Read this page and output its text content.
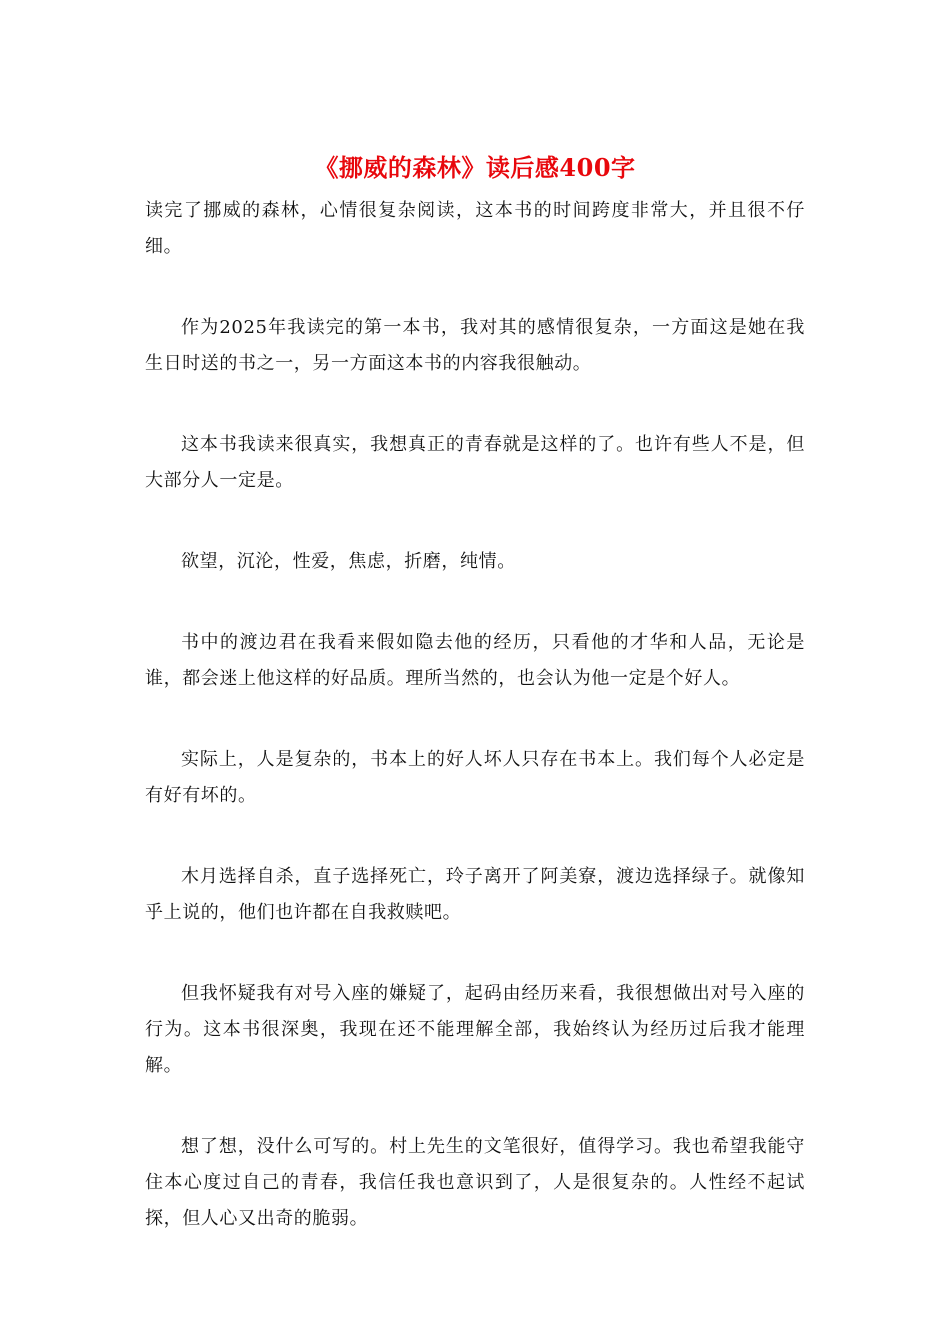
《挪威的森林》读后感400字

读完了挪威的森林，心情很复杂阅读，这本书的时间跨度非常大，并且很不仔细。

作为2025年我读完的第一本书，我对其的感情很复杂，一方面这是她在我生日时送的书之一，另一方面这本书的内容我很触动。

这本书我读来很真实，我想真正的青春就是这样的了。也许有些人不是，但大部分人一定是。

欲望，沉沦，性爱，焦虑，折磨，纯情。

书中的渡边君在我看来假如隐去他的经历，只看他的才华和人品，无论是谁，都会迷上他这样的好品质。理所当然的，也会认为他一定是个好人。

实际上，人是复杂的，书本上的好人坏人只存在书本上。我们每个人必定是有好有坏的。

木月选择自杀，直子选择死亡，玲子离开了阿美寮，渡边选择绿子。就像知乎上说的，他们也许都在自我救赎吧。

但我怀疑我有对号入座的嫌疑了，起码由经历来看，我很想做出对号入座的行为。这本书很深奥，我现在还不能理解全部，我始终认为经历过后我才能理解。

想了想，没什么可写的。村上先生的文笔很好，值得学习。我也希望我能守住本心度过自己的青春，我信任我也意识到了，人是很复杂的。人性经不起试探，但人心又出奇的脆弱。
